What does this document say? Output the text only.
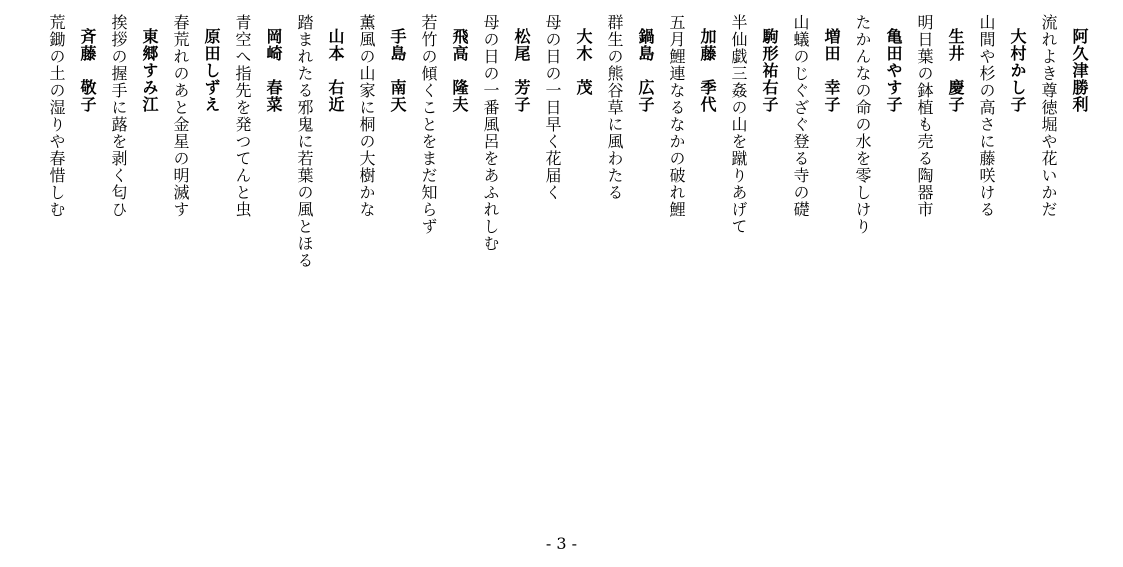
阿久津勝利
流れよき尊徳堀や花いかだ
大村かし子
山間や杉の高さに藤咲ける
生井　慶子
明日葉の鉢植も売る陶器市
亀田やす子
たかんなの命の水を零しけり
増田　幸子
山蟻のじぐざぐ登る寺の礎
駒形祐右子
半仙戯三姦の山を蹴りあげて
加藤　季代
五月鯉連なるなかの破れ鯉
鍋島　広子
群生の熊谷草に風わたる
大木　茂
母の日の一日早く花届く
松尾　芳子
母の日の一番風呂をあふれしむ
飛高　隆夫
若竹の傾くことをまだ知らず
手島　南天
薫風の山家に桐の大樹かな
山本　右近
踏まれたる邪鬼に若葉の風とほる
岡崎　春菜
青空へ指先を発つてんと虫
原田しずえ
春荒れのあと金星の明滅す
東郷すみ江
挨拶の握手に蕗を剥く匂ひ
斉藤　敬子
荒鋤の土の湿りや春惜しむ
- 3 -
